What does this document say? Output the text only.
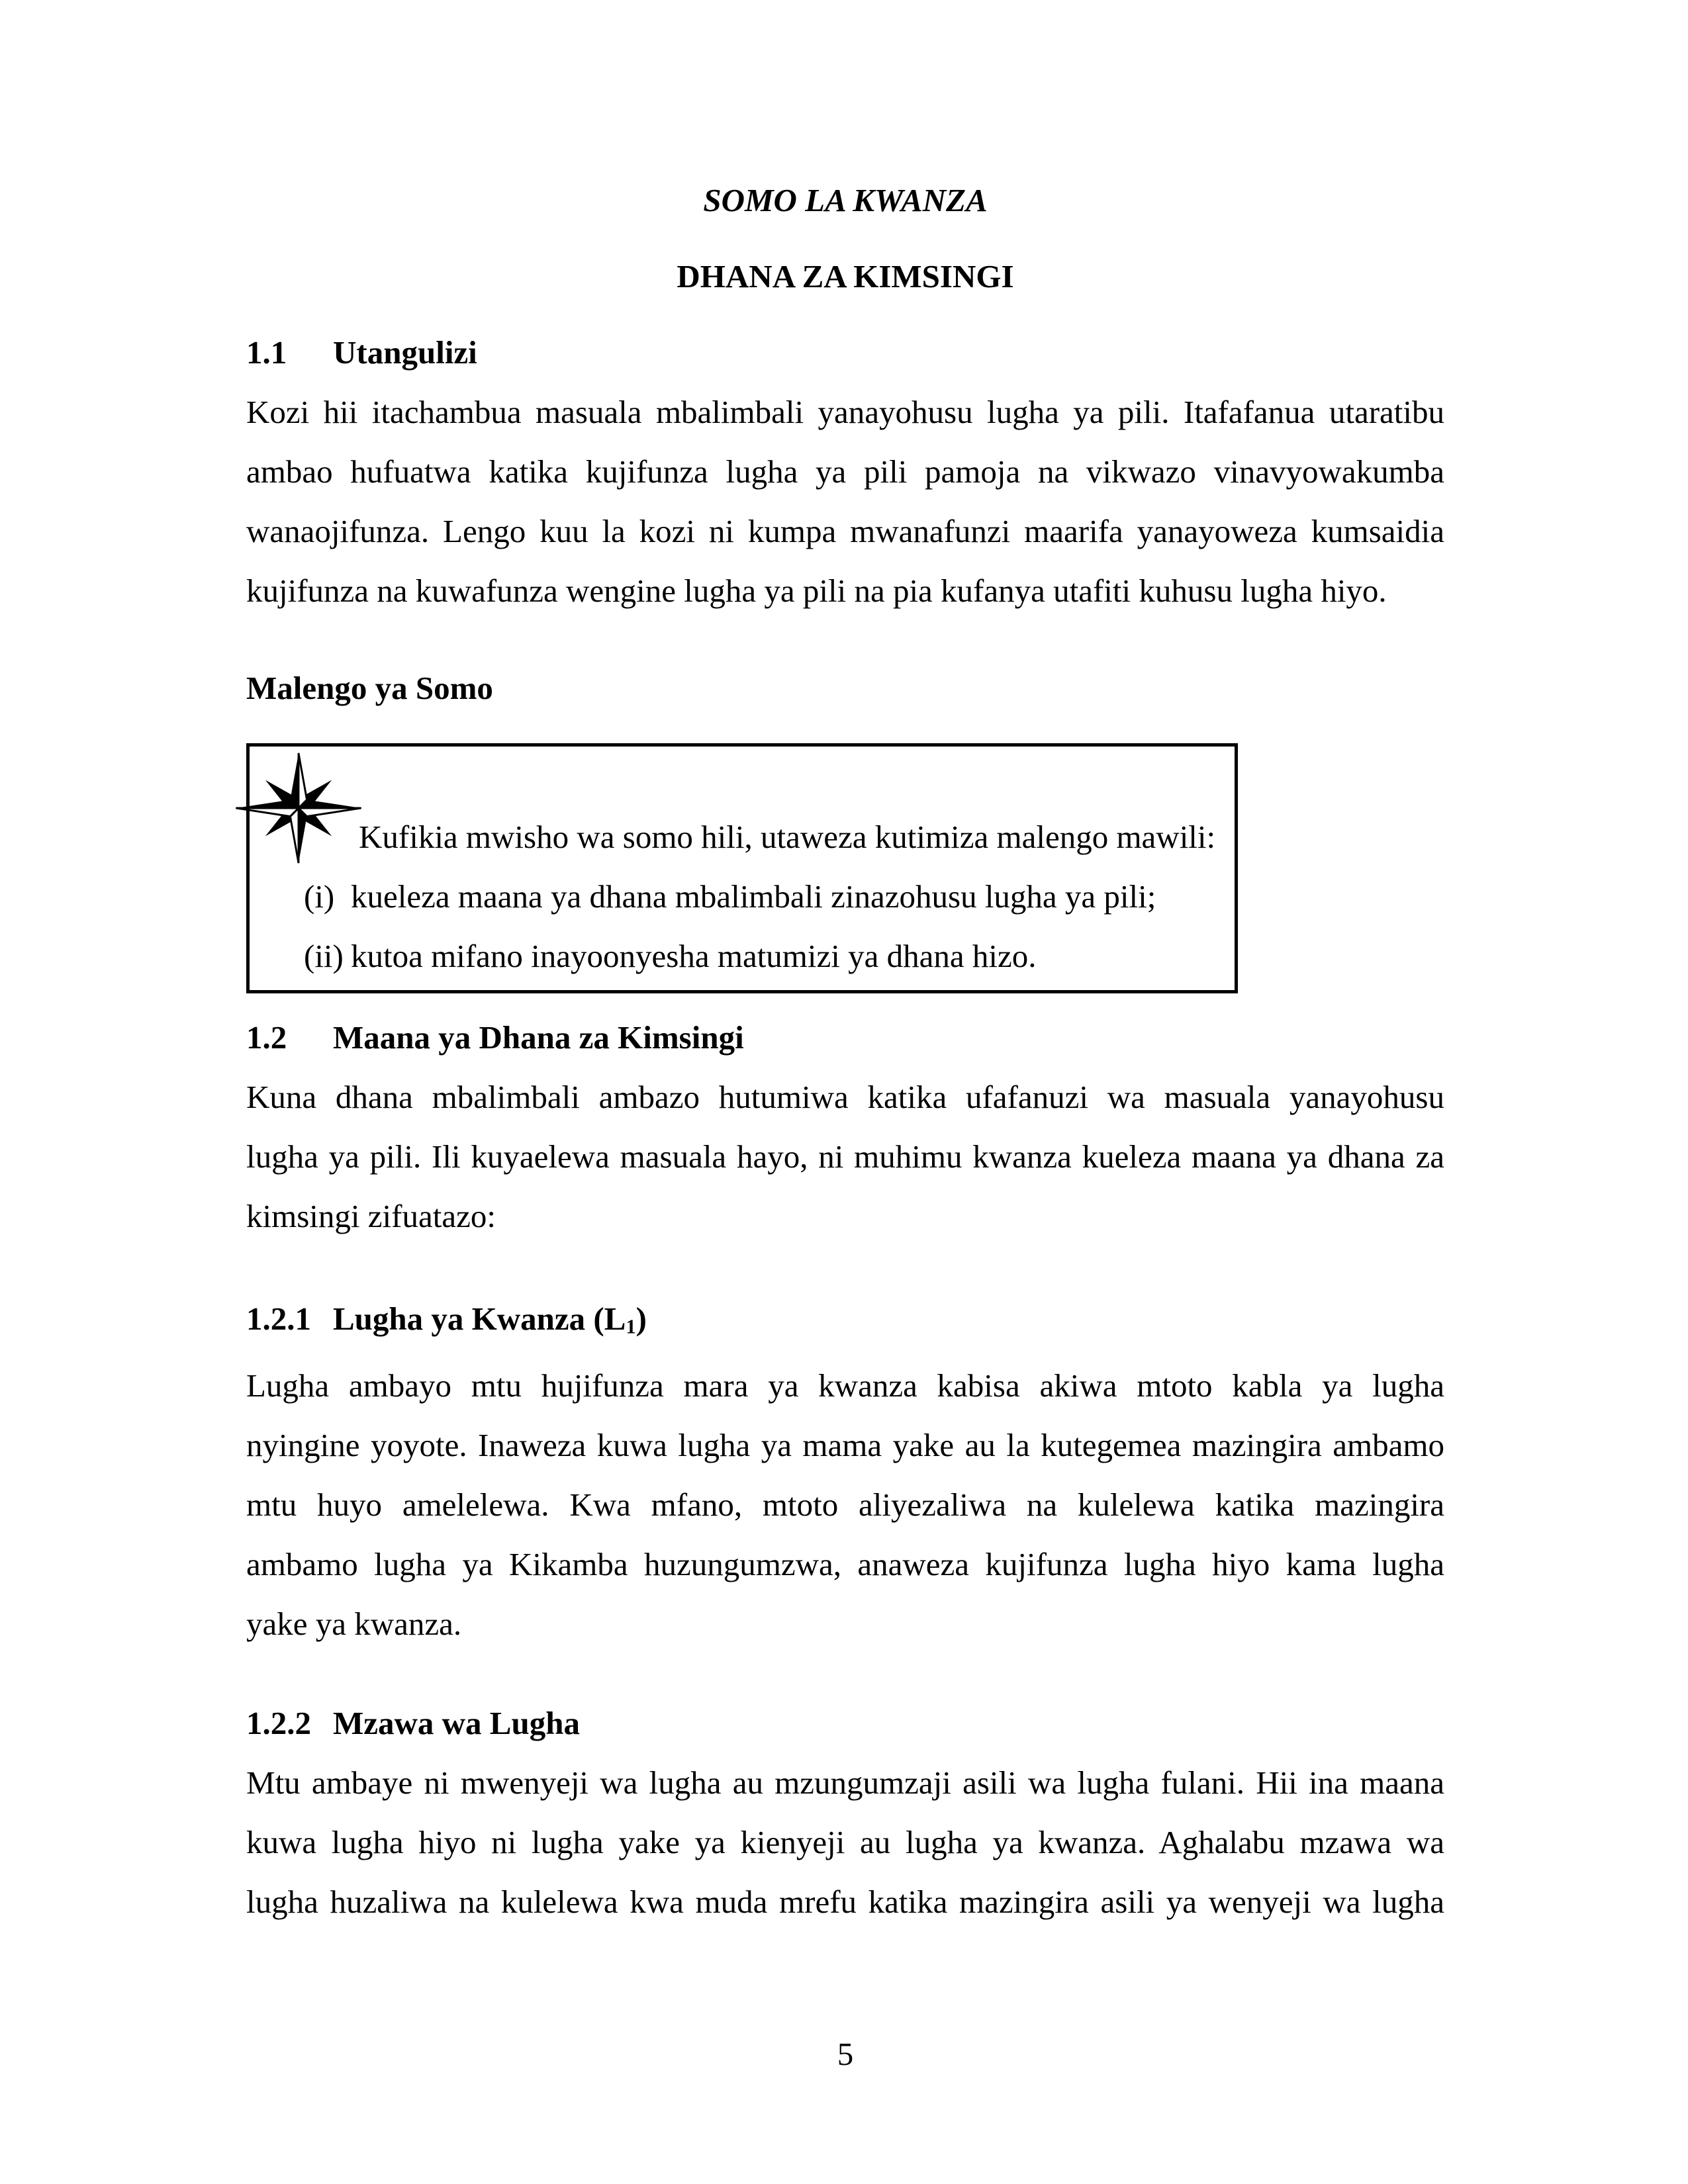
SOMO LA KWANZA
DHANA ZA KIMSINGI
1.1 Utangulizi
Kozi hii itachambua masuala mbalimbali yanayohusu lugha ya pili. Itafafanua utaratibu
ambao hufuatwa katika kujifunza lugha ya pili pamoja na vikwazo vinavyowakumba
wanaojifunza. Lengo kuu la kozi ni kumpa mwanafunzi maarifa yanayoweza kumsaidia
kujifunza na kuwafunza wengine lugha ya pili na pia kufanya utafiti kuhusu lugha hiyo.
Malengo ya Somo
Kufikia mwisho wa somo hili, utaweza kutimiza malengo mawili:
(i) kueleza maana ya dhana mbalimbali zinazohusu lugha ya pili;
(ii) kutoa mifano inayoonyesha matumizi ya dhana hizo.
1.2 Maana ya Dhana za Kimsingi
Kuna dhana mbalimbali ambazo hutumiwa katika ufafanuzi wa masuala yanayohusu
lugha ya pili. Ili kuyaelewa masuala hayo, ni muhimu kwanza kueleza maana ya dhana za
kimsingi zifuatazo:
1.2.1 Lugha ya Kwanza $(L_1)$
Lugha ambayo mtu hujifunza mara ya kwanza kabisa akiwa mtoto kabla ya lugha
nyingine yoyote. Inaweza kuwa lugha ya mama yake au la kutegemea mazingira ambamo
mtu huyo amelelewa. Kwa mfano, mtoto aliyezaliwa na kulelewa katika mazingira
ambamo lugha ya Kikamba huzungumzwa, anaweza kujifunza lugha hiyo kama lugha
yake ya kwanza.
1.2.2 Mzawa wa Lugha
Mtu ambaye ni mwenyeji wa lugha au mzungumzaji asili wa lugha fulani. Hii ina maana
kuwa lugha hiyo ni lugha yake ya kienyeji au lugha ya kwanza. Aghalabu mzawa wa
lugha huzaliwa na kulelewa kwa muda mrefu katika mazingira asili ya wenyeji wa lugha
5
